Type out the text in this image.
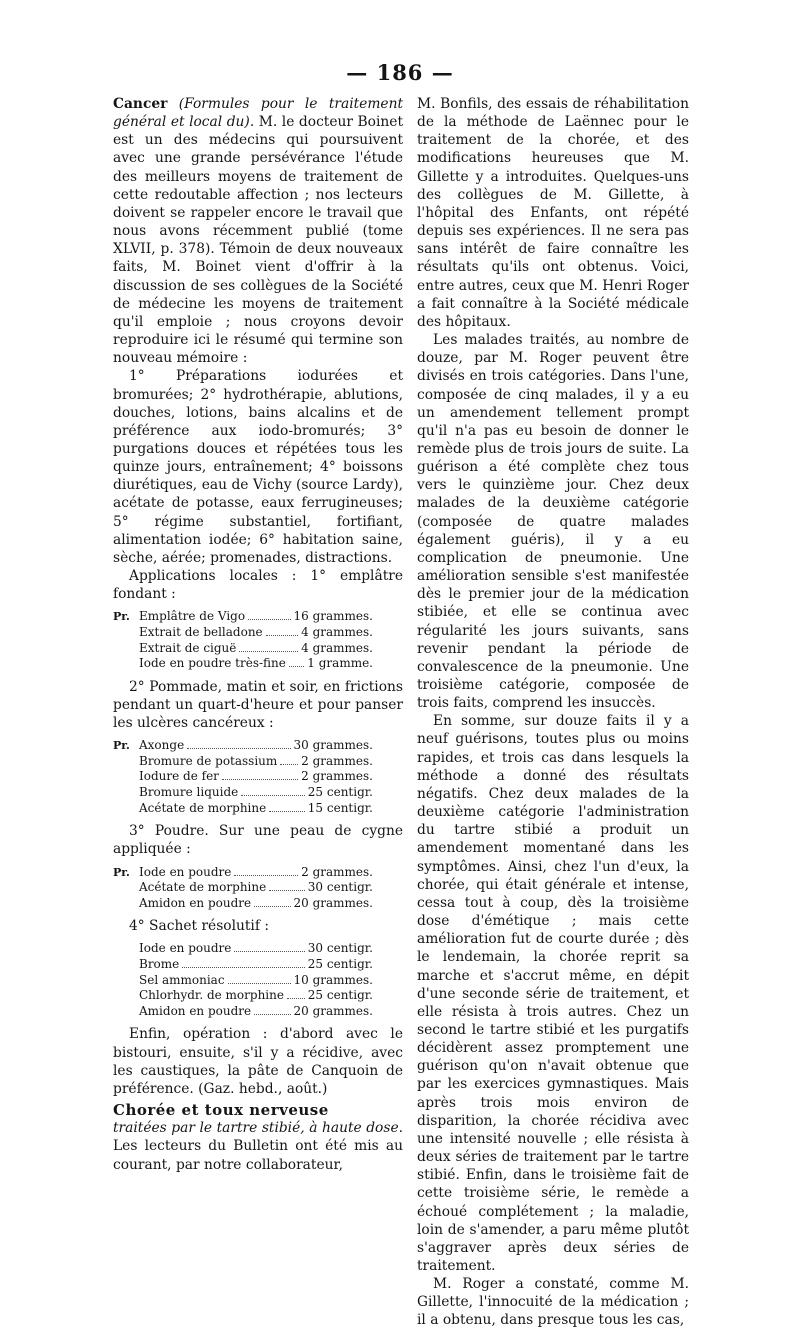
— 186 —

Cancer (Formules pour le traitement général et local du). M. le docteur Boinet est un des médecins qui poursuivent avec une grande persévérance l'étude des meilleurs moyens de traitement de cette redoutable affection ; nos lecteurs doivent se rappeler encore le travail que nous avons récemment publié (tome XLVII, p. 378). Témoin de deux nouveaux faits, M. Boinet vient d'offrir à la discussion de ses collègues de la Société de médecine les moyens de traitement qu'il emploie ; nous croyons devoir reproduire ici le résumé qui termine son nouveau mémoire :

1° Préparations iodurées et bromurées; 2° hydrothérapie, ablutions, douches, lotions, bains alcalins et de préférence aux iodo-bromurés; 3° purgations douces et répétées tous les quinze jours, entraînement; 4° boissons diurétiques, eau de Vichy (source Lardy), acétate de potasse, eaux ferrugineuses; 5° régime substantiel, fortifiant, alimentation iodée; 6° habitation saine, sèche, aérée; promenades, distractions.

Applications locales : 1° emplâtre fondant :

Pr. Emplâtre de Vigo	16 grammes.
Extrait de belladone	4 grammes.
Extrait de ciguë	4 grammes.
Iode en poudre très-fine 1 gramme.

2° Pommade, matin et soir, en frictions pendant un quart-d'heure et pour panser les ulcères cancéreux :

Pr. Axonge	30 grammes.
Bromure de potassium 2 grammes.
Iodure de fer	2 grammes.
Bromure liquide	25 centigr.
Acétate de morphine	15 centigr.

3° Poudre. Sur une peau de cygne appliquée :

Pr. Iode en poudre	2 grammes.
Acétate de morphine	30 centigr.
Amidon en poudre	20 grammes.

4° Sachet résolutif :

Iode en poudre	30 centigr.
Brome	25 centigr.
Sel ammoniac	10 grammes.
Chlorhydr. de morphine 25 centigr.
Amidon en poudre	20 grammes.

Enfin, opération : d'abord avec le bistouri, ensuite, s'il y a récidive, avec les caustiques, la pâte de Canquoin de préférence. (Gaz. hebd., août.)

Chorée et toux nerveuse

traitées par le tartre stibié, à haute dose. Les lecteurs du Bulletin ont été mis au courant, par notre collaborateur,

M. Bonfils, des essais de réhabilitation de la méthode de Laënnec pour le traitement de la chorée, et des modifications heureuses que M. Gillette y a introduites. Quelques-uns des collègues de M. Gillette, à l'hôpital des Enfants, ont répété depuis ses expériences. Il ne sera pas sans intérêt de faire connaître les résultats qu'ils ont obtenus. Voici, entre autres, ceux que M. Henri Roger a fait connaître à la Société médicale des hôpitaux.

Les malades traités, au nombre de douze, par M. Roger peuvent être divisés en trois catégories. Dans l'une, composée de cinq malades, il y a eu un amendement tellement prompt qu'il n'a pas eu besoin de donner le remède plus de trois jours de suite. La guérison a été complète chez tous vers le quinzième jour. Chez deux malades de la deuxième catégorie (composée de quatre malades également guéris), il y a eu complication de pneumonie. Une amélioration sensible s'est manifestée dès le premier jour de la médication stibiée, et elle se continua avec régularité les jours suivants, sans revenir pendant la période de convalescence de la pneumonie. Une troisième catégorie, composée de trois faits, comprend les insuccès.

En somme, sur douze faits il y a neuf guérisons, toutes plus ou moins rapides, et trois cas dans lesquels la méthode a donné des résultats négatifs. Chez deux malades de la deuxième catégorie l'administration du tartre stibié a produit un amendement momentané dans les symptômes. Ainsi, chez l'un d'eux, la chorée, qui était générale et intense, cessa tout à coup, dès la troisième dose d'émétique ; mais cette amélioration fut de courte durée ; dès le lendemain, la chorée reprit sa marche et s'accrut même, en dépit d'une seconde série de traitement, et elle résista à trois autres. Chez un second le tartre stibié et les purgatifs décidèrent assez promptement une guérison qu'on n'avait obtenue que par les exercices gymnastiques. Mais après trois mois environ de disparition, la chorée récidiva avec une intensité nouvelle ; elle résista à deux séries de traitement par le tartre stibié. Enfin, dans le troisième fait de cette troisième série, le remède a échoué complétement ; la maladie, loin de s'amender, a paru même plutôt s'aggraver après deux séries de traitement.

M. Roger a constaté, comme M. Gillette, l'innocuité de la médication ; il a obtenu, dans presque tous les cas,
